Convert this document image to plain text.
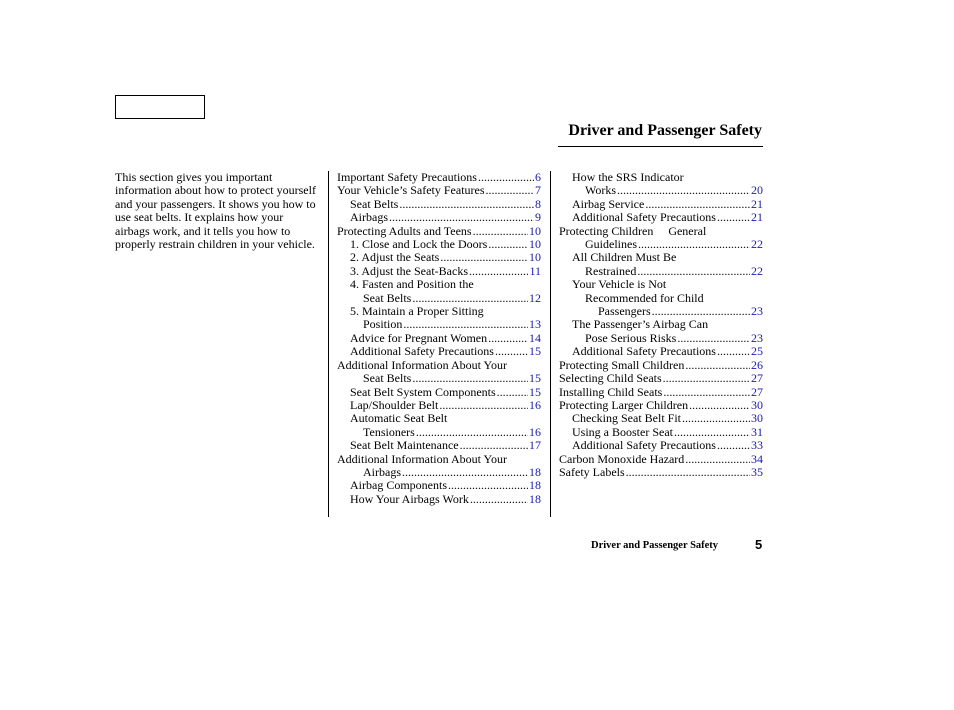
Driver and Passenger Safety
This section gives you important information about how to protect yourself and your passengers. It shows you how to use seat belts. It explains how your airbags work, and it tells you how to properly restrain children in your vehicle.
Important Safety Precautions .....	6
Your Vehicle’s Safety Features .....	7
Seat Belts .....	8
Airbags .....	9
Protecting Adults and Teens .....	10
1. Close and Lock the Doors .....	10
2. Adjust the Seats .....	10
3. Adjust the Seat-Backs .....	11
4. Fasten and Position the
Seat Belts .....	12
5. Maintain a Proper Sitting
Position .....	13
Advice for Pregnant Women .....	14
Additional Safety Precautions .....	15
Additional Information About Your
Seat Belts .....	15
Seat Belt System Components .....	15
Lap/Shoulder Belt .....	16
Automatic Seat Belt
Tensioners .....	16
Seat Belt Maintenance .....	17
Additional Information About Your
Airbags .....	18
Airbag Components .....	18
How Your Airbags Work .....	18
How the SRS Indicator
Works .....	20
Airbag Service .....	21
Additional Safety Precautions .....	21
Protecting Children     General
Guidelines .....	22
All Children Must Be
Restrained .....	22
Your Vehicle is Not
Recommended for Child
Passengers .....	23
The Passenger’s Airbag Can
Pose Serious Risks .....	23
Additional Safety Precautions .....	25
Protecting Small Children .....	26
Selecting Child Seats .....	27
Installing Child Seats .....	27
Protecting Larger Children .....	30
Checking Seat Belt Fit .....	30
Using a Booster Seat .....	31
Additional Safety Precautions .....	33
Carbon Monoxide Hazard .....	34
Safety Labels .....	35
Driver and Passenger Safety	5
